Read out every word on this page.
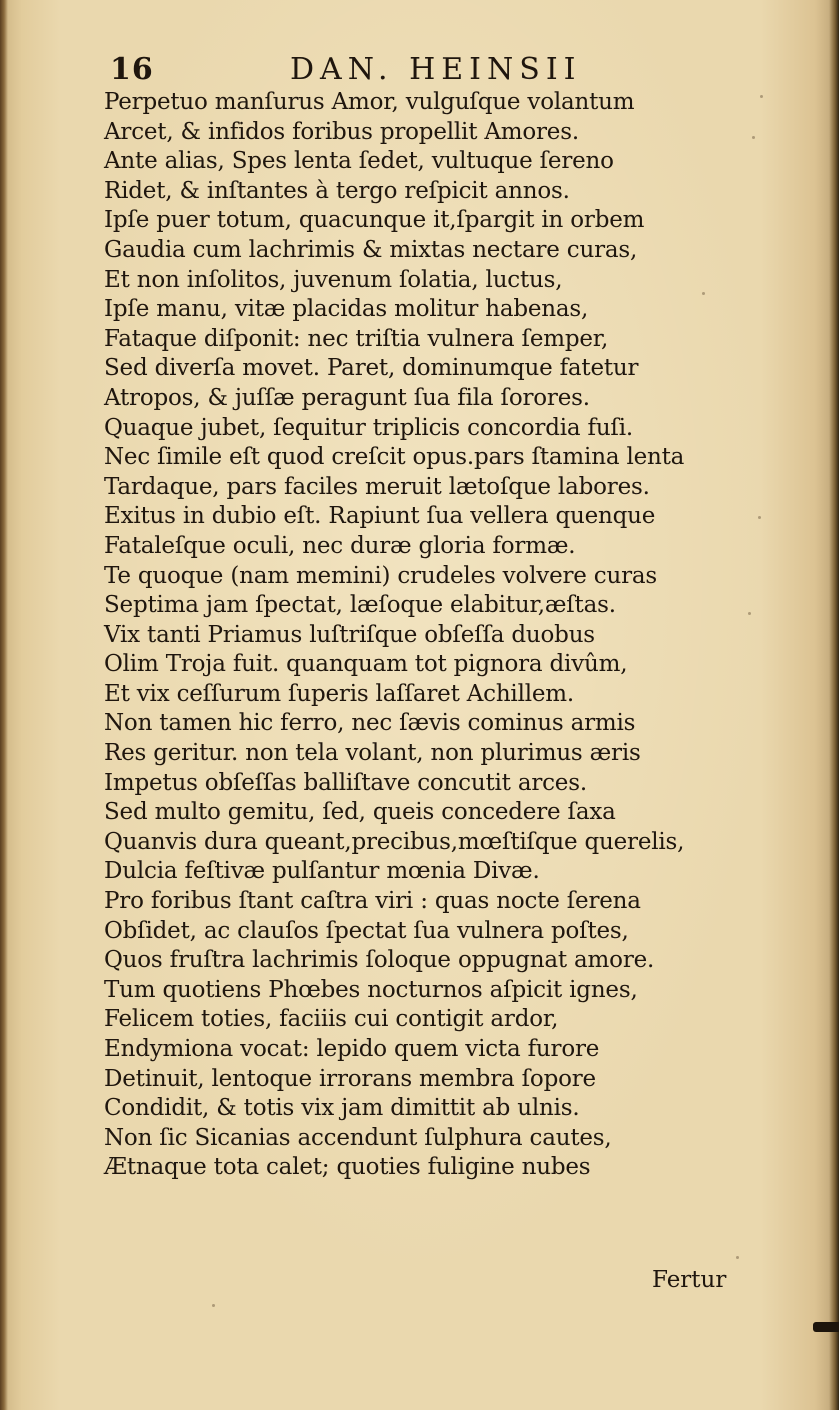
16	DAN. HEINSII
Perpetuo manſurus Amor, vulguſque volantum
Arcet, & infidos foribus propellit Amores.
Ante alias, Spes lenta ſedet, vultuque ſereno
Ridet, & inſtantes à tergo reſpicit annos.
Ipſe puer totum, quacunque it,ſpargit in orbem
Gaudia cum lachrimis & mixtas nectare curas,
Et non inſolitos, juvenum ſolatia, luctus,
Ipſe manu, vitæ placidas molitur habenas,
Fataque diſponit: nec triſtia vulnera ſemper,
Sed diverſa movet. Paret, dominumque fatetur
Atropos, & juſſæ peragunt ſua fila ſorores.
Quaque jubet, ſequitur triplicis concordia fuſi.
Nec ſimile eſt quod creſcit opus.pars ſtamina lenta
Tardaque, pars faciles meruit lætoſque labores.
Exitus in dubio eſt. Rapiunt ſua vellera quenque
Fataleſque oculi, nec duræ gloria formæ.
Te quoque (nam memini) crudeles volvere curas
Septima jam ſpectat, læſoque elabitur,æſtas.
Vix tanti Priamus luſtriſque obſeſſa duobus
Olim Troja fuit. quanquam tot pignora divûm,
Et vix ceſſurum ſuperis laſſaret Achillem.
Non tamen hic ferro, nec ſævis cominus armis
Res geritur. non tela volant, non plurimus æris
Impetus obſeſſas balliſtave concutit arces.
Sed multo gemitu, ſed, queis concedere ſaxa
Quanvis dura queant,precibus,mœſtiſque querelis,
Dulcia feſtivæ pulſantur mœnia Divæ.
Pro foribus ſtant caſtra viri : quas nocte ſerena
Obſidet, ac clauſos ſpectat ſua vulnera poſtes,
Quos fruſtra lachrimis ſoloque oppugnat amore.
Tum quotiens Phœbes nocturnos aſpicit ignes,
Felicem toties, faciiis cui contigit ardor,
Endymiona vocat: lepido quem victa furore
Detinuit, lentoque irrorans membra ſopore
Condidit, & totis vix jam dimittit ab ulnis.
Non ſic Sicanias accendunt ſulphura cautes,
Ætnaque tota calet; quoties fuligine nubes
Fertur
